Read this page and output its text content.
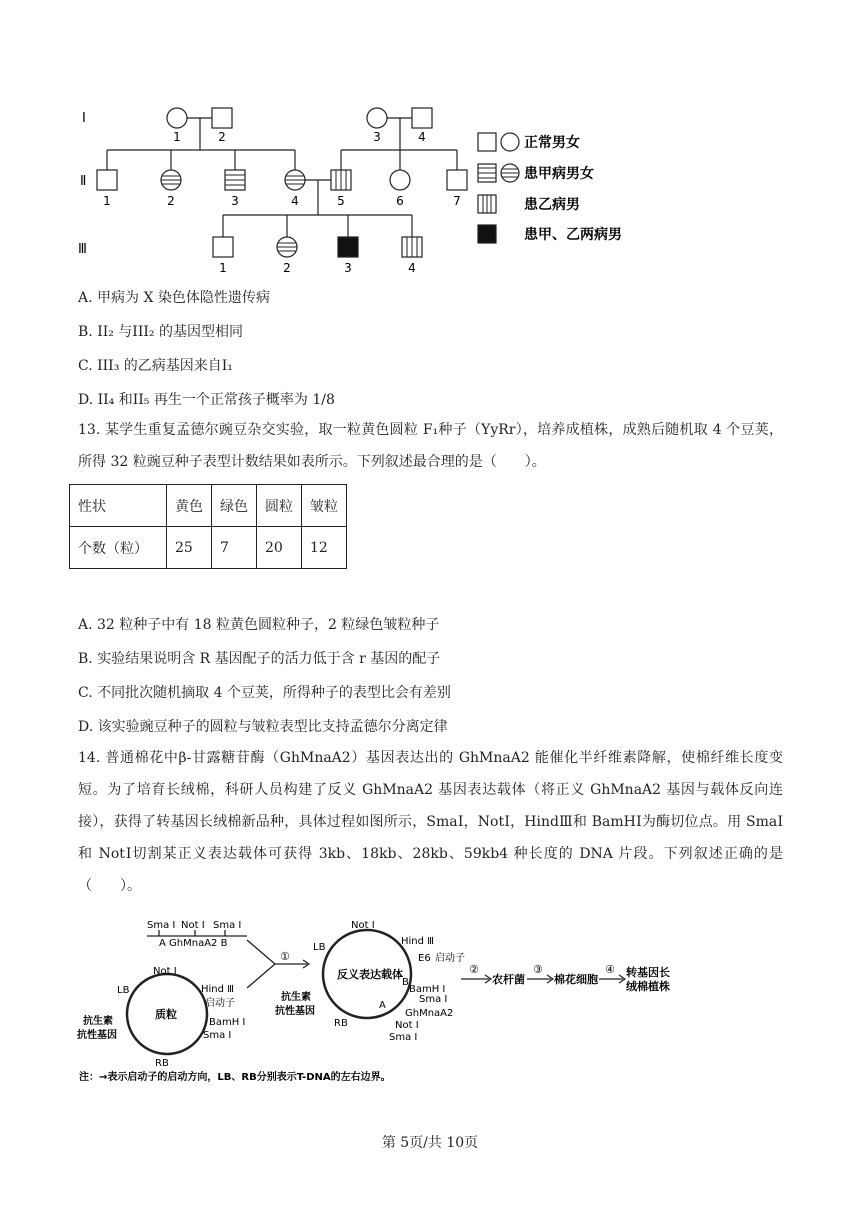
Ⅰ
Ⅱ
Ⅲ
1	2	3	4
1	2	3	4	5	6	7
1	2	3	4
正常男女
患甲病男女
患乙病男
患甲、乙两病男
A. 甲病为 X 染色体隐性遗传病
B. II₂ 与III₂ 的基因型相同
C. III₃ 的乙病基因来自I₁
D. II₄ 和II₅ 再生一个正常孩子概率为 1/8
13. 某学生重复孟德尔豌豆杂交实验，取一粒黄色圆粒 F₁种子（YyRr），培养成植株，成熟后随机取 4 个豆荚，所得 32 粒豌豆种子表型计数结果如表所示。下列叙述最合理的是（　　）。
性状	黄色	绿色	圆粒	皱粒
个数（粒）	25	7	20	12
A. 32 粒种子中有 18 粒黄色圆粒种子，2 粒绿色皱粒种子
B. 实验结果说明含 R 基因配子的活力低于含 r 基因的配子
C. 不同批次随机摘取 4 个豆荚，所得种子的表型比会有差别
D. 该实验豌豆种子的圆粒与皱粒表型比支持孟德尔分离定律
14. 普通棉花中β-甘露糖苷酶（GhMnaA2）基因表达出的 GhMnaA2 能催化半纤维素降解，使棉纤维长度变短。为了培育长绒棉，科研人员构建了反义 GhMnaA2 基因表达载体（将正义 GhMnaA2 基因与载体反向连接），获得了转基因长绒棉新品种，具体过程如图所示，SmaⅠ，NotⅠ，HindⅢ和 BamHⅠ为酶切位点。用 SmaⅠ和 NotⅠ切割某正义表达载体可获得 3kb、18kb、28kb、59kb4 种长度的 DNA 片段。下列叙述正确的是（　　）。
Sma Ⅰ Not Ⅰ Sma Ⅰ
A GhMnaA2 B
①
质粒
Not Ⅰ
LB	Hind Ⅲ
启动子
BamH Ⅰ
Sma Ⅰ
RB
抗生素
抗性基因
反义表达载体
Not Ⅰ
LB
Hind Ⅲ
E6 启动子
B
BamH Ⅰ
Sma Ⅰ
A
GhMnaA2
Not Ⅰ
Sma Ⅰ
RB
抗生素
抗性基因
②	③	④
农杆菌	棉花细胞
转基因长
绒棉植株
注：→表示启动子的启动方向，LB、RB分别表示T-DNA的左右边界。
第 5页/共 10页
